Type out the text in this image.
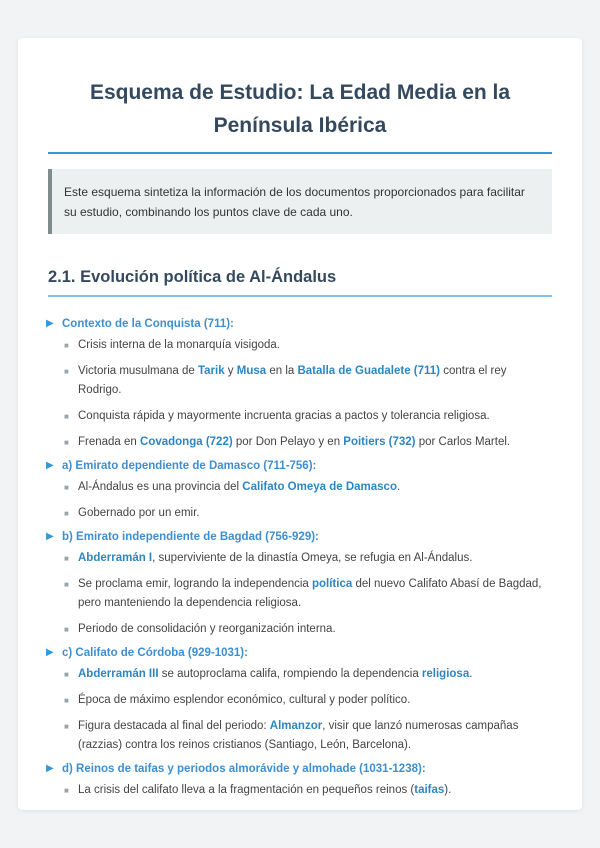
Esquema de Estudio: La Edad Media en la Península Ibérica
Este esquema sintetiza la información de los documentos proporcionados para facilitar su estudio, combinando los puntos clave de cada uno.
2.1. Evolución política de Al-Ándalus
▶ Contexto de la Conquista (711):
■ Crisis interna de la monarquía visigoda.
■ Victoria musulmana de Tarik y Musa en la Batalla de Guadalete (711) contra el rey Rodrigo.
■ Conquista rápida y mayormente incruenta gracias a pactos y tolerancia religiosa.
■ Frenada en Covadonga (722) por Don Pelayo y en Poitiers (732) por Carlos Martel.
▶ a) Emirato dependiente de Damasco (711-756):
■ Al-Ándalus es una provincia del Califato Omeya de Damasco.
■ Gobernado por un emir.
▶ b) Emirato independiente de Bagdad (756-929):
■ Abderramán I, superviviente de la dinastía Omeya, se refugia en Al-Ándalus.
■ Se proclama emir, logrando la independencia política del nuevo Califato Abasí de Bagdad, pero manteniendo la dependencia religiosa.
■ Periodo de consolidación y reorganización interna.
▶ c) Califato de Córdoba (929-1031):
■ Abderramán III se autoproclama califa, rompiendo la dependencia religiosa.
■ Época de máximo esplendor económico, cultural y poder político.
■ Figura destacada al final del periodo: Almanzor, visir que lanzó numerosas campañas (razzias) contra los reinos cristianos (Santiago, León, Barcelona).
▶ d) Reinos de taifas y periodos almorávide y almohade (1031-1238):
■ La crisis del califato lleva a la fragmentación en pequeños reinos (taifas).
